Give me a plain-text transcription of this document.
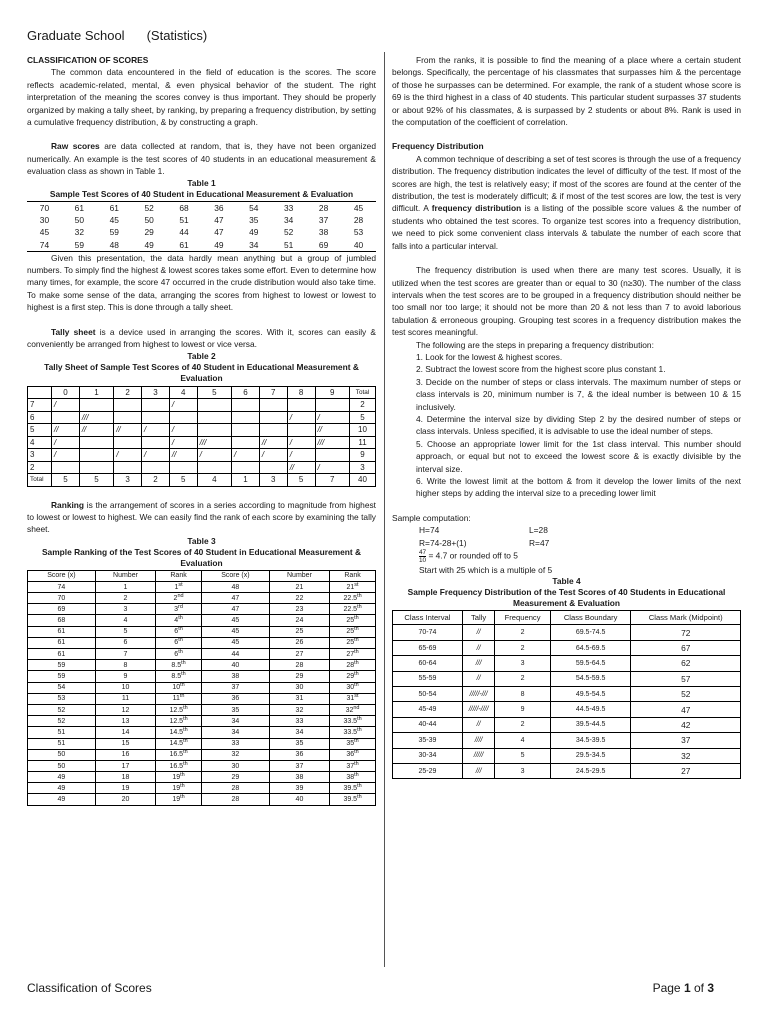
Graduate School (Statistics)
CLASSIFICATION OF SCORES

The common data encountered in the field of education is the scores. The score reflects academic-related, mental, & even physical behavior of the student. The right interpretation of the meaning the scores convey is thus important. They should be properly organized by making a tally sheet, by ranking, by preparing a frequency distribution, by setting a cumulative frequency distribution, & by constructing a graph.

Raw scores are data collected at random, that is, they have not been organized numerically. An example is the test scores of 40 students in an educational measurement & evaluation class as shown in Table 1.

Table 1
Sample Test Scores of 40 Student in Educational Measurement & Evaluation
70	61	61	52	68	36	54	33	28	45
30	50	45	50	51	47	35	34	37	28
45	32	59	29	44	47	49	52	38	53
74	59	48	49	61	49	34	51	69	40

Given this presentation, the data hardly mean anything but a group of jumbled numbers. To simply find the highest & lowest scores takes some effort. Even to determine how many times, for example, the score 47 occurred in the crude distribution would also take time. To make some sense of the data, arranging the scores from highest to lowest or lowest to highest is a first step. This is done through a tally sheet.

Tally sheet is a device used in arranging the scores. With it, scores can easily & conveniently be arranged from highest to lowest or vice versa.

Table 2
Tally Sheet of Sample Test Scores of 40 Student in Educational Measurement & Evaluation
	0	1	2	3	4	5	6	7	8	9	Total
7	/				/						2
6		///							/	/	5
5	//	//	//	/	/					//	10
4	/				/	///		//	/	///	11
3	/		/	/	//	/	/	/	/		9
2									//	/	3
Total	5	5	3	2	5	4	1	3	5	7	40

Ranking is the arrangement of scores in a series according to magnitude from highest to lowest or lowest to highest. We can easily find the rank of each score by examining the tally sheet.

Table 3
Sample Ranking of the Test Scores of 40 Student in Educational Measurement & Evaluation
Score (x)	Number	Rank	Score (x)	Number	Rank
74	1	1st	48	21	21st
70	2	2nd	47	22	22.5th
69	3	3rd	47	23	22.5th
68	4	4th	45	24	25th
61	5	6th	45	25	25th
61	6	6th	45	26	25th
61	7	6th	44	27	27th
59	8	8.5th	40	28	28th
59	9	8.5th	38	29	29th
54	10	10th	37	30	30th
53	11	11th	36	31	31st
52	12	12.5th	35	32	32nd
52	13	12.5th	34	33	33.5th
51	14	14.5th	34	34	33.5th
51	15	14.5th	33	35	35th
50	16	16.5th	32	36	36th
50	17	16.5th	30	37	37th
49	18	19th	29	38	38th
49	19	19th	28	39	39.5th
49	20	19th	28	40	39.5th

From the ranks, it is possible to find the meaning of a place where a certain student belongs. Specifically, the percentage of his classmates that surpasses him & the percentage of those he surpasses can be determined. For example, the rank of a student whose score is 69 is the third highest in a class of 40 students. This particular student surpasses 37 students or about 92% of his classmates, & is surpassed by 2 students or about 8%. Rank is used in the computation of the coefficient of correlation.

Frequency Distribution

A common technique of describing a set of test scores is through the use of a frequency distribution. The frequency distribution indicates the level of difficulty of the test. If most of the scores are high, the test is relatively easy; if most of the scores are found at the center of the distribution, the test is moderately difficult; & if most of the test scores are low, the test is very difficult. A frequency distribution is a listing of the possible score values & the number of students who obtained the test scores. To organize test scores into a frequency distribution, we need to pick some convenient class intervals & tabulate the number of each score that falls into a particular interval.

The frequency distribution is used when there are many test scores. Usually, it is utilized when the test scores are greater than or equal to 30 (n≥30). The number of the class intervals when the test scores are to be grouped in a frequency distribution should neither be too small nor too large; it should not be more than 20 & not less than 7 to avoid laborious tabulation & erroneous grouping. Grouping test scores in a frequency distribution makes the test scores meaningful.

The following are the steps in preparing a frequency distribution:
1. Look for the lowest & highest scores.
2. Subtract the lowest score from the highest score plus constant 1.
3. Decide on the number of steps or class intervals. The maximum number of steps or class intervals is 20, minimum number is 7, & the ideal number is between 10 & 15 inclusively.
4. Determine the interval size by dividing Step 2 by the desired number of steps or class intervals. Unless specified, it is advisable to use the ideal number of steps.
5. Choose an appropriate lower limit for the 1st class interval. This number should approach, or equal but not to exceed the lowest score & is exactly divisible by the interval size.
6. Write the lowest limit at the bottom & from it develop the lower limits of the next higher steps by adding the interval size to a preceding lower limit
Sample computation:
H=74	L=28
R=74-28+(1)	R=47
$\frac{47}{10} = 4.7$ or rounded off to 5
Start with 25 which is a multiple of 5
Table 4
Sample Frequency Distribution of the Test Scores of 40 Students in Educational Measurement & Evaluation
Class Interval	Tally	Frequency	Class Boundary	Class Mark (Midpoint)
70-74	//	2	69.5-74.5	72
65-69	//	2	64.5-69.5	67
60-64	///	3	59.5-64.5	62
55-59	//	2	54.5-59.5	57
50-54	/////-///	8	49.5-54.5	52
45-49	/////-////	9	44.5-49.5	47
40-44	//	2	39.5-44.5	42
35-39	////	4	34.5-39.5	37
30-34	/////	5	29.5-34.5	32
25-29	///	3	24.5-29.5	27
Classification of Scores	Page 1 of 3
